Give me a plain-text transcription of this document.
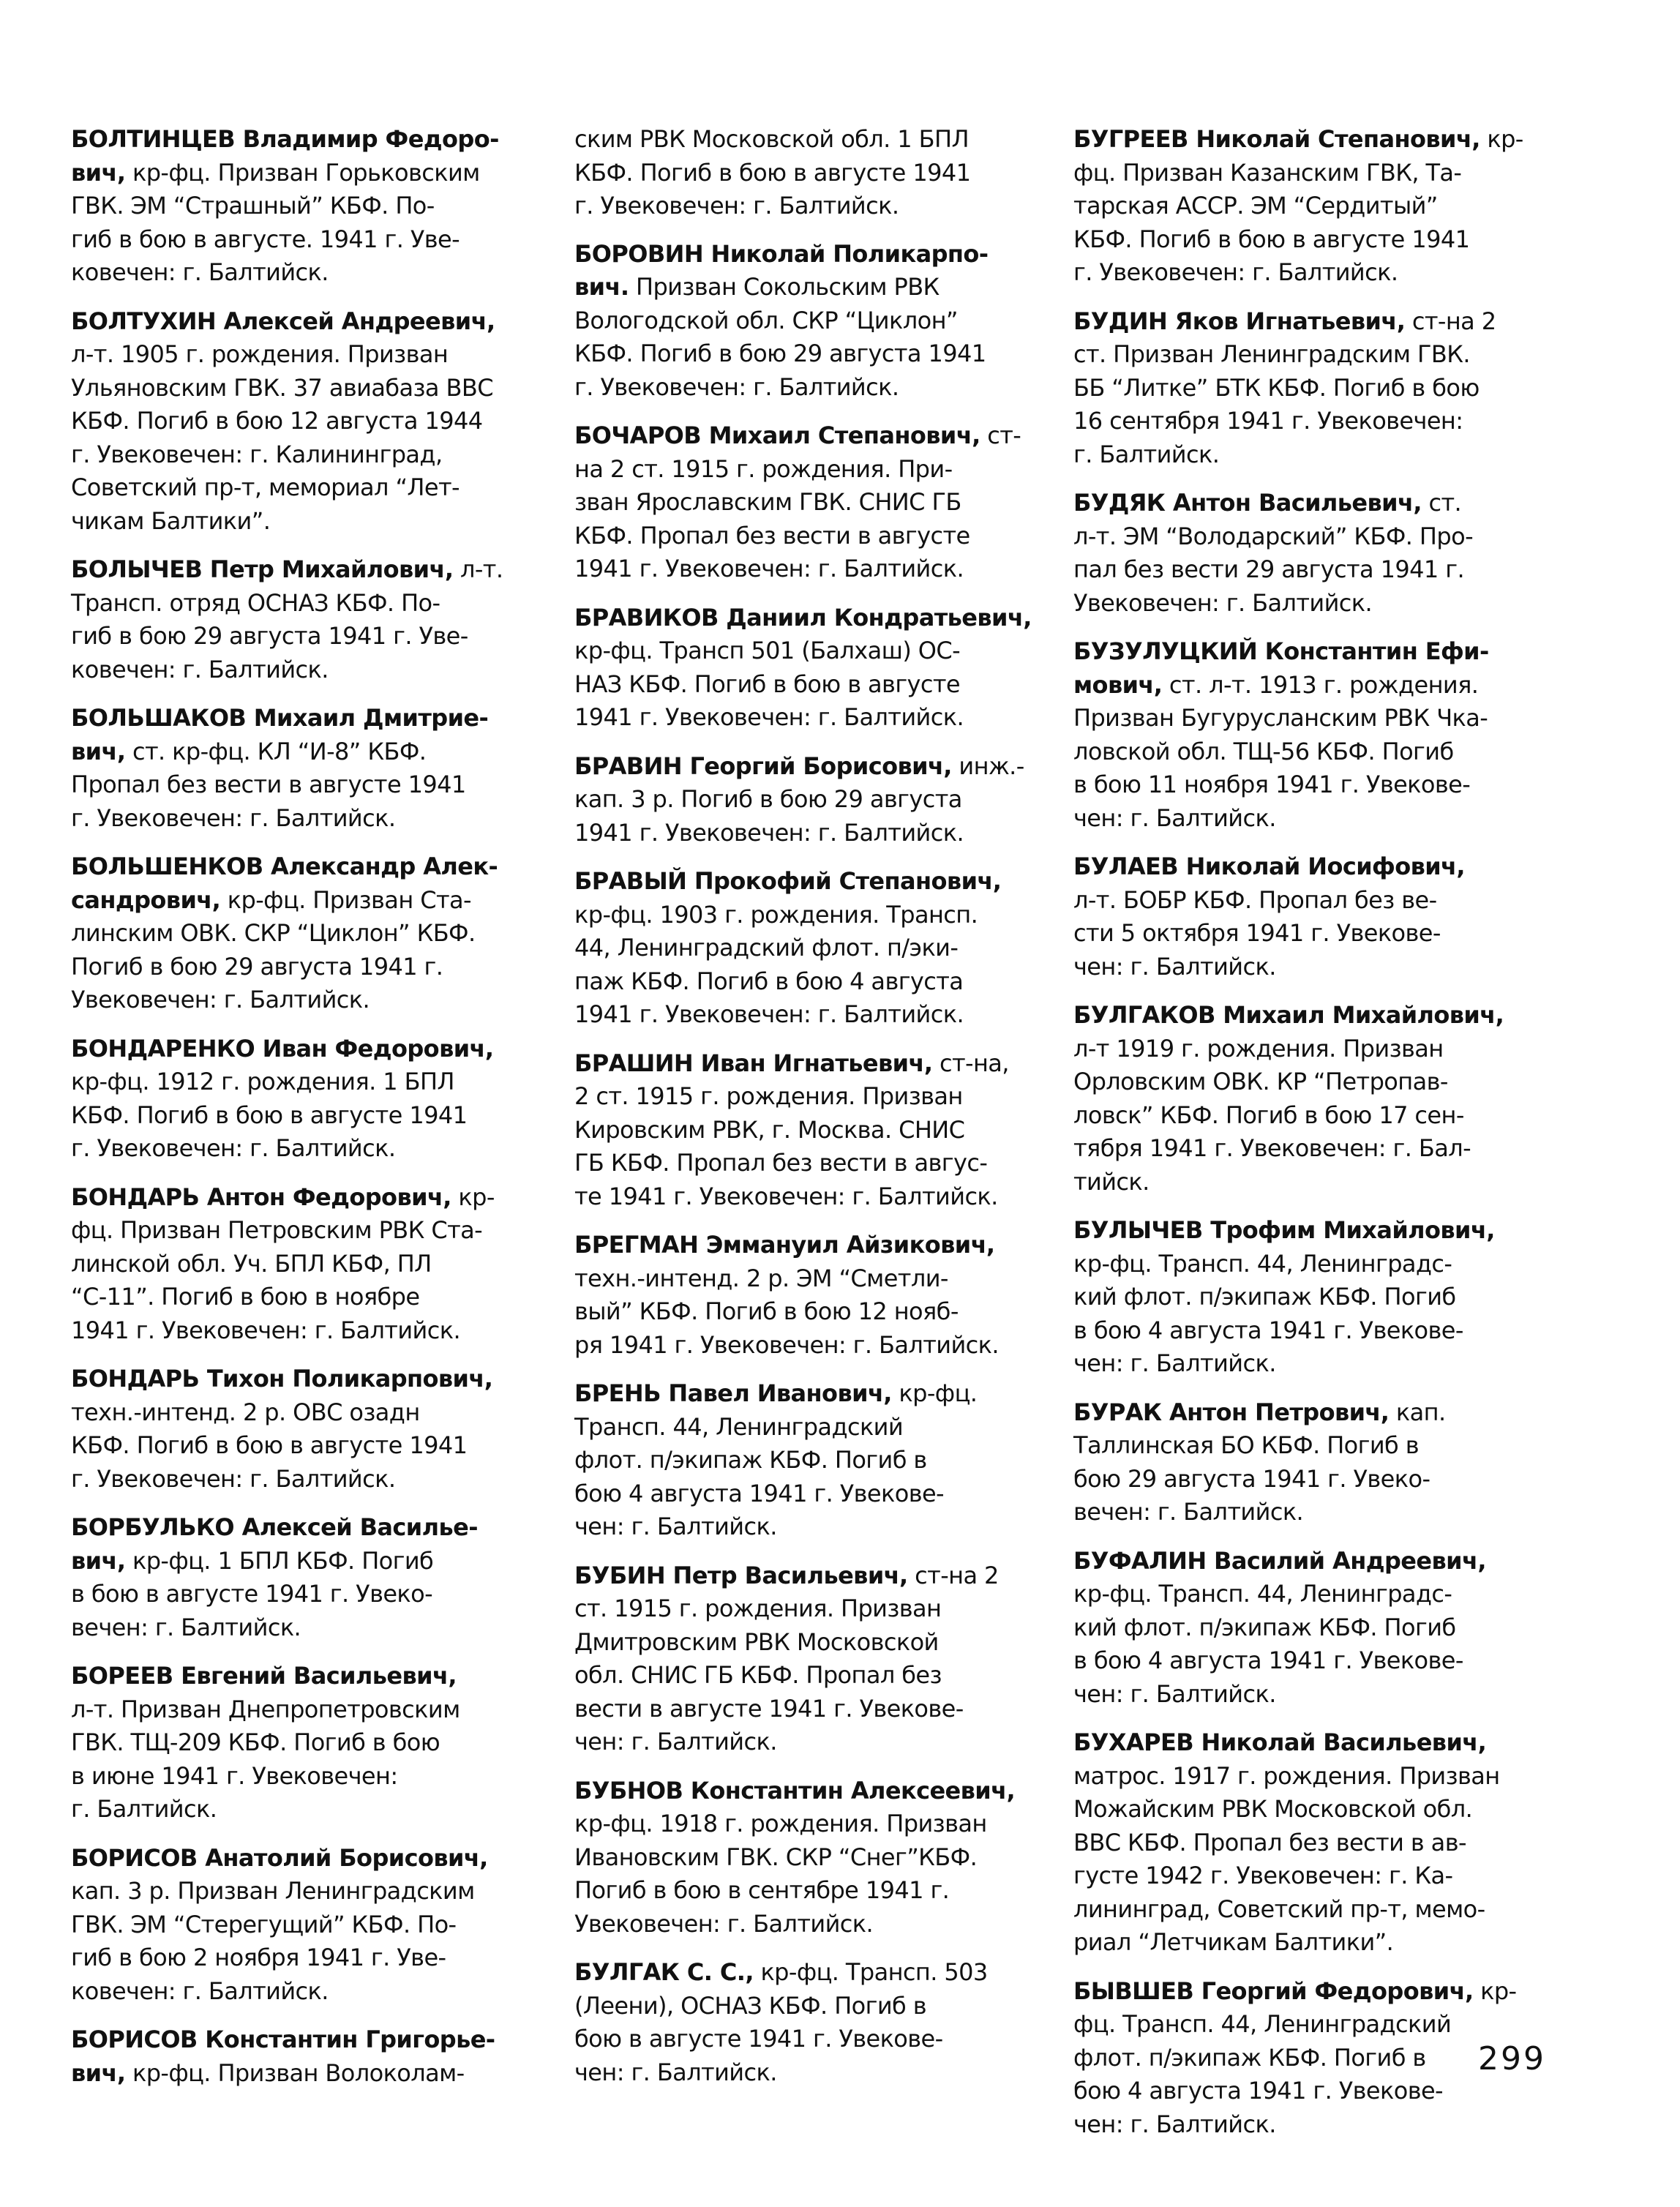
БОЛТИНЦЕВ Владимир Федоро-
вич, кр-фц. Призван Горьковским
ГВК. ЭМ “Страшный” КБФ. По-
гиб в бою в августе. 1941 г. Уве-
ковечен: г. Балтийск.
БОЛТУХИН Алексей Андреевич,
л-т. 1905 г. рождения. Призван
Ульяновским ГВК. 37 авиабаза ВВС
КБФ. Погиб в бою 12 августа 1944
г. Увековечен: г. Калининград,
Советский пр-т, мемориал “Лет-
чикам Балтики”.
БОЛЫЧЕВ Петр Михайлович, л-т.
Трансп. отряд ОСНАЗ КБФ. По-
гиб в бою 29 августа 1941 г. Уве-
ковечен: г. Балтийск.
БОЛЬШАКОВ Михаил Дмитрие-
вич, ст. кр-фц. КЛ “И-8” КБФ.
Пропал без вести в августе 1941
г. Увековечен: г. Балтийск.
БОЛЬШЕНКОВ Александр Алек-
сандрович, кр-фц. Призван Ста-
линским ОВК. СКР “Циклон” КБФ.
Погиб в бою 29 августа 1941 г.
Увековечен: г. Балтийск.
БОНДАРЕНКО Иван Федорович,
кр-фц. 1912 г. рождения. 1 БПЛ
КБФ. Погиб в бою в августе 1941
г. Увековечен: г. Балтийск.
БОНДАРЬ Антон Федорович, кр-
фц. Призван Петровским РВК Ста-
линской обл. Уч. БПЛ КБФ, ПЛ
“С-11”. Погиб в бою в ноябре
1941 г. Увековечен: г. Балтийск.
БОНДАРЬ Тихон Поликарпович,
техн.-интенд. 2 р. ОВС озадн
КБФ. Погиб в бою в августе 1941
г. Увековечен: г. Балтийск.
БОРБУЛЬКО Алексей Васильe-
вич, кр-фц. 1 БПЛ КБФ. Погиб
в бою в августе 1941 г. Увеко-
вечен: г. Балтийск.
БОРЕЕВ Евгений Васильевич,
л-т. Призван Днепропетровским
ГВК. ТЩ-209 КБФ. Погиб в бою
в июне 1941 г. Увековечен:
г. Балтийск.
БОРИСОВ Анатолий Борисович,
кап. 3 р. Призван Ленинградским
ГВК. ЭМ “Стерегущий” КБФ. По-
гиб в бою 2 ноября 1941 г. Уве-
ковечен: г. Балтийск.
БОРИСОВ Константин Григорье-
вич, кр-фц. Призван Волоколам-
ским РВК Московской обл. 1 БПЛ
КБФ. Погиб в бою в августе 1941
г. Увековечен: г. Балтийск.
БОРОВИН Николай Поликарпо-
вич. Призван Сокольским РВК
Вологодской обл. СКР “Циклон”
КБФ. Погиб в бою 29 августа 1941
г. Увековечен: г. Балтийск.
БОЧАРОВ Михаил Степанович, ст-
на 2 ст. 1915 г. рождения. При-
зван Ярославским ГВК. СНИС ГБ
КБФ. Пропал без вести в августе
1941 г. Увековечен: г. Балтийск.
БРАВИКОВ Даниил Кондратьевич,
кр-фц. Трансп 501 (Балхаш) ОС-
НАЗ КБФ. Погиб в бою в августе
1941 г. Увековечен: г. Балтийск.
БРАВИН Георгий Борисович, инж.-
кап. 3 р. Погиб в бою 29 августа
1941 г. Увековечен: г. Балтийск.
БРАВЫЙ Прокофий Степанович,
кр-фц. 1903 г. рождения. Трансп.
44, Ленинградский флот. п/эки-
паж КБФ. Погиб в бою 4 августа
1941 г. Увековечен: г. Балтийск.
БРАШИН Иван Игнатьевич, ст-на,
2 ст. 1915 г. рождения. Призван
Кировским РВК, г. Москва. СНИС
ГБ КБФ. Пропал без вести в авгус-
те 1941 г. Увековечен: г. Балтийск.
БРЕГМАН Эммануил Айзикович,
техн.-интенд. 2 р. ЭМ “Сметли-
вый” КБФ. Погиб в бою 12 нояб-
ря 1941 г. Увековечен: г. Балтийск.
БРЕНЬ Павел Иванович, кр-фц.
Трансп. 44, Ленинградский
флот. п/экипаж КБФ. Погиб в
бою 4 августа 1941 г. Увекове-
чен: г. Балтийск.
БУБИН Петр Васильевич, ст-на 2
ст. 1915 г. рождения. Призван
Дмитровским РВК Московской
обл. СНИС ГБ КБФ. Пропал без
вести в августе 1941 г. Увекове-
чен: г. Балтийск.
БУБНОВ Константин Алексеевич,
кр-фц. 1918 г. рождения. Призван
Ивановским ГВК. СКР “Снег”КБФ.
Погиб в бою в сентябре 1941 г.
Увековечен: г. Балтийск.
БУЛГАК С. С., кр-фц. Трансп. 503
(Леени), ОСНАЗ КБФ. Погиб в
бою в августе 1941 г. Увекове-
чен: г. Балтийск.
БУГРЕЕВ Николай Степанович, кр-
фц. Призван Казанским ГВК, Та-
тарская АССР. ЭМ “Сердитый”
КБФ. Погиб в бою в августе 1941
г. Увековечен: г. Балтийск.
БУДИН Яков Игнатьевич, ст-на 2
ст. Призван Ленинградским ГВК.
ББ “Литке” БТК КБФ. Погиб в бою
16 сентября 1941 г. Увековечен:
г. Балтийск.
БУДЯК Антон Васильевич, ст.
л-т. ЭМ “Володарский” КБФ. Про-
пал без вести 29 августа 1941 г.
Увековечен: г. Балтийск.
БУЗУЛУЦКИЙ Константин Ефи-
мович, ст. л-т. 1913 г. рождения.
Призван Бугурусланским РВК Чка-
ловской обл. ТЩ-56 КБФ. Погиб
в бою 11 ноября 1941 г. Увекове-
чен: г. Балтийск.
БУЛАЕВ Николай Иосифович,
л-т. БОБР КБФ. Пропал без ве-
сти 5 октября 1941 г. Увекове-
чен: г. Балтийск.
БУЛГАКОВ Михаил Михайлович,
л-т 1919 г. рождения. Призван
Орловским ОВК. КР “Петропав-
ловск” КБФ. Погиб в бою 17 сен-
тября 1941 г. Увековечен: г. Бал-
тийск.
БУЛЫЧЕВ Трофим Михайлович,
кр-фц. Трансп. 44, Ленинградс-
кий флот. п/экипаж КБФ. Погиб
в бою 4 августа 1941 г. Увекове-
чен: г. Балтийск.
БУРАК Антон Петрович, кап.
Таллинская БО КБФ. Погиб в
бою 29 августа 1941 г. Увеко-
вечен: г. Балтийск.
БУФАЛИН Василий Андреевич,
кр-фц. Трансп. 44, Ленинградс-
кий флот. п/экипаж КБФ. Погиб
в бою 4 августа 1941 г. Увекове-
чен: г. Балтийск.
БУХАРЕВ Николай Васильевич,
матрос. 1917 г. рождения. Призван
Можайским РВК Московской обл.
ВВС КБФ. Пропал без вести в ав-
густе 1942 г. Увековечен: г. Ка-
лининград, Советский пр-т, мемо-
риал “Летчикам Балтики”.
БЫВШЕВ Георгий Федорович, кр-
фц. Трансп. 44, Ленинградский
флот. п/экипаж КБФ. Погиб в
бою 4 августа 1941 г. Увекове-
чен: г. Балтийск.
299
